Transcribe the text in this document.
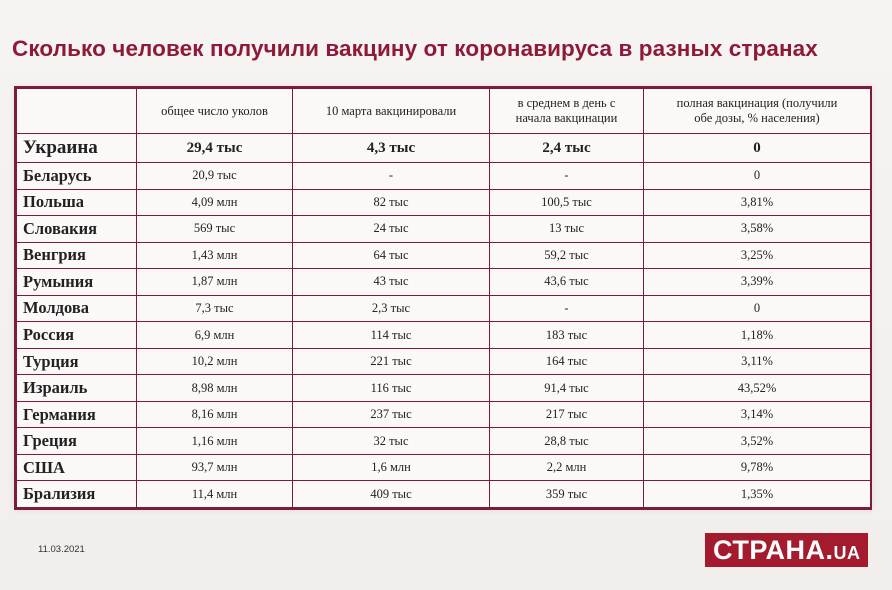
Сколько человек получили вакцину от коронавируса в разных странах
	общее число уколов	10 марта вакцинировали	в среднем в день с начала вакцинации	полная вакцинация (получили обе дозы, % населения)
Украина	29,4 тыс	4,3 тыс	2,4 тыс	0
Беларусь	20,9 тыс	-	-	0
Польша	4,09 млн	82 тыс	100,5 тыс	3,81%
Словакия	569 тыс	24 тыс	13 тыс	3,58%
Венгрия	1,43 млн	64 тыс	59,2 тыс	3,25%
Румыния	1,87 млн	43 тыс	43,6 тыс	3,39%
Молдова	7,3 тыс	2,3 тыс	-	0
Россия	6,9 млн	114 тыс	183 тыс	1,18%
Турция	10,2 млн	221 тыс	164 тыс	3,11%
Израиль	8,98 млн	116 тыс	91,4 тыс	43,52%
Германия	8,16 млн	237 тыс	217 тыс	3,14%
Греция	1,16 млн	32 тыс	28,8 тыс	3,52%
США	93,7 млн	1,6 млн	2,2 млн	9,78%
Брализия	11,4 млн	409 тыс	359 тыс	1,35%
11.03.2021	СТРАНА.UA
